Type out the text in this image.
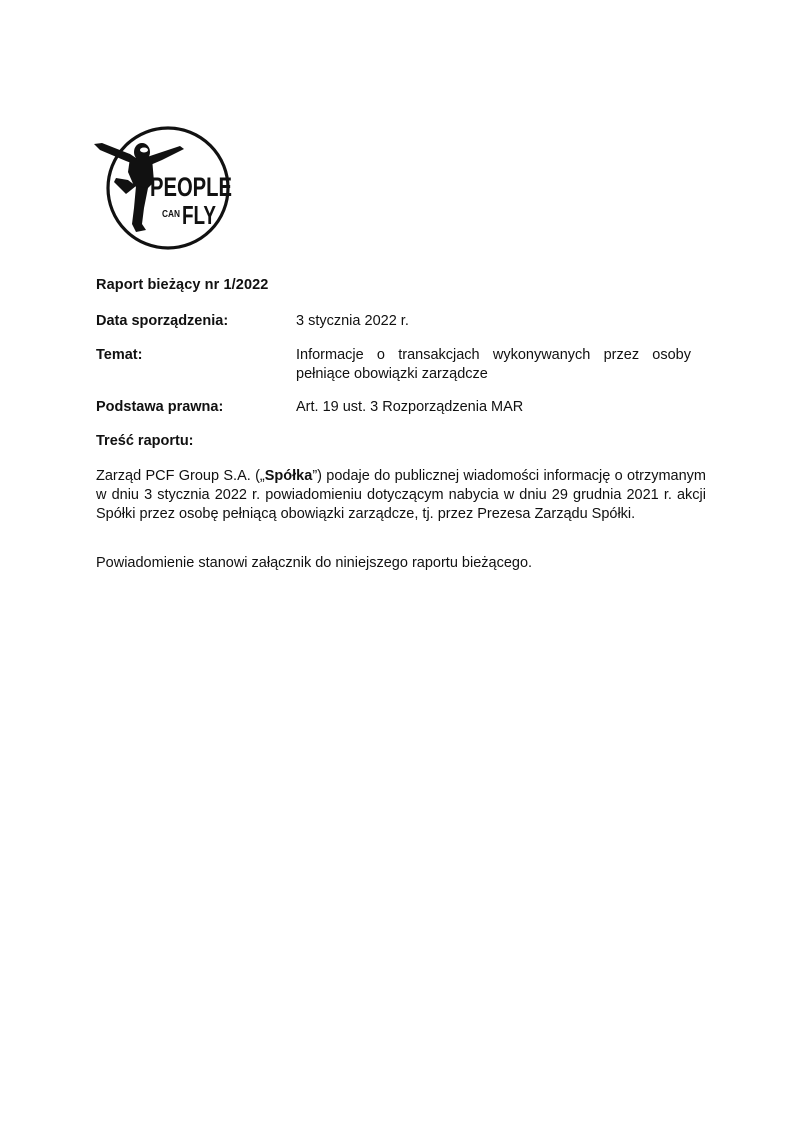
PEOPLE
CAN FLY
Raport bieżący nr 1/2022
Data sporządzenia:	3 stycznia 2022 r.
Temat:	Informacje o transakcjach wykonywanych przez osoby pełniące obowiązki zarządcze
Podstawa prawna:	Art. 19 ust. 3 Rozporządzenia MAR
Treść raportu:
Zarząd PCF Group S.A. („Spółka”) podaje do publicznej wiadomości informację o otrzymanym w dniu 3 stycznia 2022 r. powiadomieniu dotyczącym nabycia w dniu 29 grudnia 2021 r. akcji Spółki przez osobę pełniącą obowiązki zarządcze, tj. przez Prezesa Zarządu Spółki.
Powiadomienie stanowi załącznik do niniejszego raportu bieżącego.
